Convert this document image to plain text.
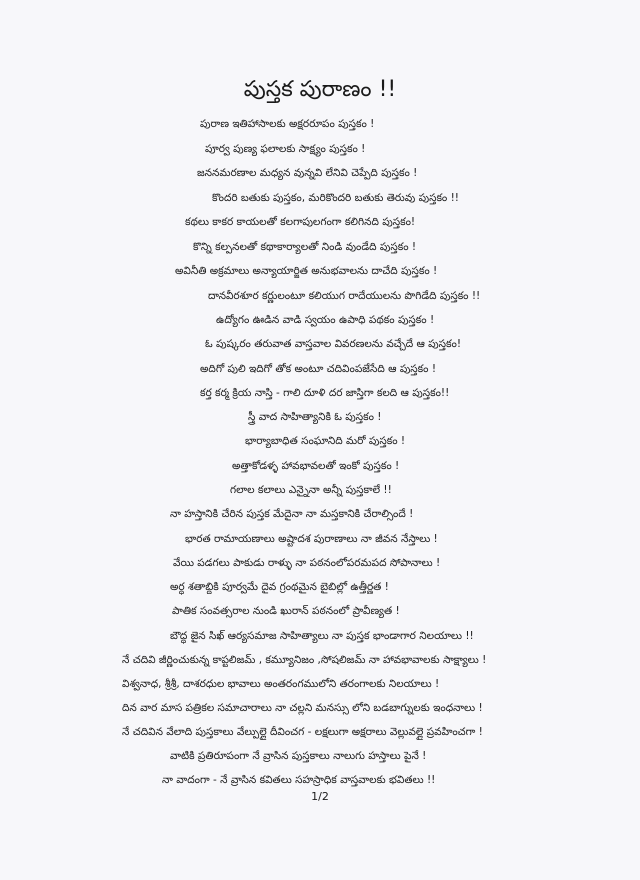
పుస్తక పురాణం !!
పురాణ ఇతిహాసాలకు అక్షరరూపం పుస్తకం !
పూర్వ పుణ్య ఫలాలకు సాక్ష్యం పుస్తకం !
జననమరణాల మధ్యన వున్నవి లేనివి చెప్పేది పుస్తకం !
కొందరి బతుకు పుస్తకం, మరికొందరి బతుకు తెరువు పుస్తకం !!
కథలు కాకర కాయలతో కలగాపులగంగా కలిగినది పుస్తకం!
కొన్ని కల్పనలతో కథాకార్యాలతో నిండి వుండేది పుస్తకం !
అవినీతి అక్రమాలు అన్యాయార్జిత అనుభవాలను దాచేది పుస్తకం !
దానవీరశూర కర్ణులంటూ కలియుగ రాదేయులను పొగిడేది పుస్తకం !!
ఉద్యోగం ఊడిన వాడి స్వయం ఉపాధి పథకం పుస్తకం !
ఓ పుష్కరం తరువాత వాస్తవాల వివరణలను వచ్చేదే ఆ పుస్తకం!
అదిగో పులి ఇదిగో తోక అంటూ చదివింపజేసేది ఆ పుస్తకం !
కర్త కర్మ క్రియ నాస్తి - గాలి దూళి దర జాస్తిగా కలది ఆ పుస్తకం!!
స్త్రీ వాద సాహిత్యానికి ఓ పుస్తకం !
భార్యాబాధిత సంఘానిది మరో పుస్తకం !
అత్తాకోడళ్ళ హావభావలతో ఇంకో పుస్తకం !
గలాల కలాలు ఎన్నైనా అన్నీ పుస్తకాలే !!
నా హస్తానికి చేరిన పుస్తక మేదైనా నా మస్తకానికి చేరాల్సిందే !
భారత రామాయణాలు అష్టాదశ పురాణాలు నా జీవన నేస్తాలు !
వేయి పడగలు పాకుడు రాళ్ళు నా పఠనంలోపరమపద సోపానాలు !
అర్ధ శతాబ్దికి పూర్వమే దైవ గ్రంథమైన బైబిల్లో ఉత్తీర్ణత !
పాతిక సంవత్సరాల నుండి ఖురాన్ పఠనంలో ప్రావీణ్యత !
బౌద్ధ జైన సిఖ్ ఆర్యసమాజ సాహిత్యాలు నా పుస్తక భాండాగార నిలయాలు !!
నే చదివి జీర్ణించుకున్న కాప్టలిజమ్ , కమ్యూనిజం ,సోషలిజమ్ నా హావభావాలకు సాక్ష్యాలు !
విశ్వనాధ, శ్రీశ్రీ, దాశరధుల భావాలు అంతరంగములోని తరంగాలకు నిలయాలు !
దిన వార మాస పత్రికల సమాచారాలు నా చల్లని మనస్సు లోని బడబాగ్నులకు ఇంధనాలు !
నే చదివిన వేలాది పుస్తకాలు వేల్పుల్లై దీవించగ - లక్షలుగా అక్షరాలు వెల్లువల్లై ప్రవహించగా !
వాటికి ప్రతిరూపంగా నే వ్రాసిన పుస్తకాలు నాలుగు హస్తాలు పైనే !
నా వాదంగా - నే వ్రాసిన కవితలు సహస్రాధిక వాస్తవాలకు భవితలు !!
1/2
